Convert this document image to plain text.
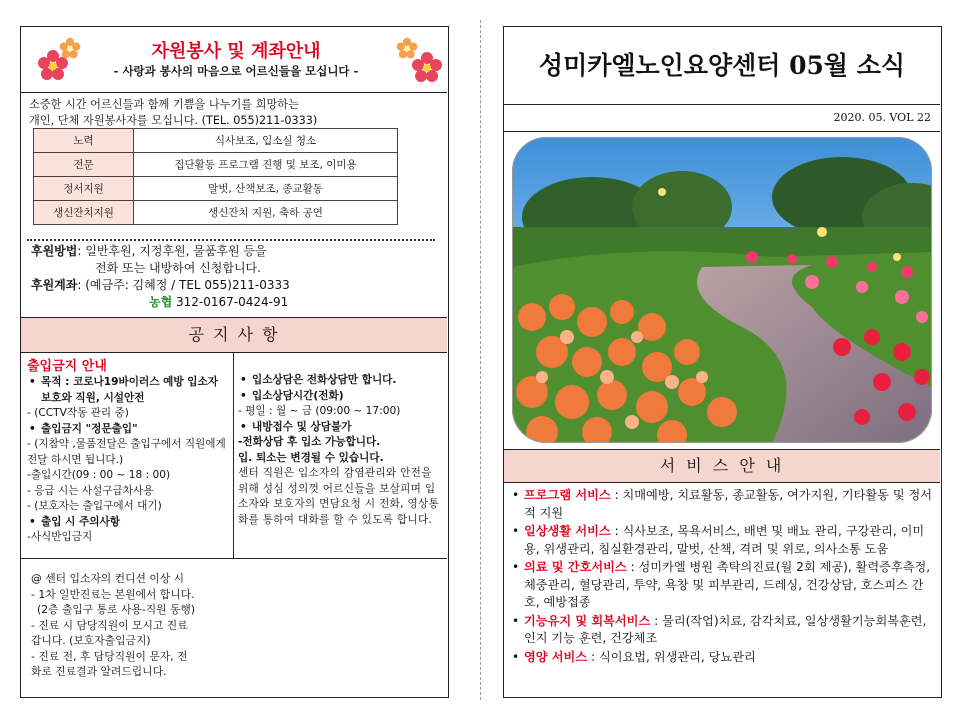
자원봉사 및 계좌안내
- 사랑과 봉사의 마음으로 어르신들을 모십니다 -
소중한 시간 어르신들과 함께 기쁨을 나누기를 희망하는
개인, 단체 자원봉사자를 모십니다. (TEL. 055)211-0333)
노력	식사보조, 입소실 청소
전문	집단활동 프로그램 진행 및 보조, 이미용
정서지원	말벗, 산책보조, 종교활동
생신잔치지원	생신잔치 지원, 축하 공연
후원방법: 일반후원, 지정후원, 물품후원 등을
전화 또는 내방하여 신청합니다.
후원계좌: (예금주: 김혜정 / TEL 055)211-0333
농협 312-0167-0424-91
공 지 사 항
출입금지 안내
• 목적 : 코로나19바이러스 예방 입소자 보호와 직원, 시설안전
- (CCTV작동 관리 중)
• 출입금지 "정문출입"
- (지참약 ,물품전달은 출입구에서 직원에게 전달 하시면 됩니다.)
-출입시간(09 : 00 ~ 18 : 00)
- 응급 시는 사설구급차사용
- (보호자는 출입구에서 대기)
• 출입 시 주의사항
-사식반입금지
• 입소상담은 전화상담만 합니다.
• 입소상담시간(전화)
- 평일 : 월 ~ 금 (09:00 ~ 17:00)
• 내방접수 및 상담불가
-전화상담 후 입소 가능합니다.
입. 퇴소는 변경될 수 있습니다.
센터 직원은 입소자의 감염관리와 안전을 위해 성심 성의껏 어르신들을 보살피며 입소자와 보호자의 면담요청 시 전화, 영상통화를 통하여 대화를 할 수 있도록 합니다.
@ 센터 입소자의 컨디션 이상 시
- 1차 일반진료는 본원에서 합니다.
(2층 출입구 통로 사용-직원 동행)
- 진료 시 담당직원이 모시고 진료
갑니다. (보호자출입금지)
- 진료 전, 후 담당직원이 문자, 전
화로 진료결과 알려드립니다.
성미카엘노인요양센터 05월 소식
2020. 05. VOL 22
서 비 스 안 내
• 프로그램 서비스 : 치매예방, 치료활동, 종교활동, 여가지원, 기타활동 및 정서적 지원
• 일상생활 서비스 : 식사보조, 목욕서비스, 배변 및 배뇨 관리, 구강관리, 이미용, 위생관리, 침실환경관리, 말벗, 산책, 격려 및 위로, 의사소통 도움
• 의료 및 간호서비스 : 성미카엘 병원 촉탁의진료(월 2회 제공), 활력증후측정, 체중관리, 혈당관리, 투약, 욕창 및 피부관리, 드레싱, 건강상담, 호스피스 간호, 예방접종
• 기능유지 및 회복서비스 : 물리(작업)치료, 감각치료, 일상생활기능회복훈련, 인지 기능 훈련, 건강체조
• 영양 서비스 : 식이요법, 위생관리, 당뇨관리
